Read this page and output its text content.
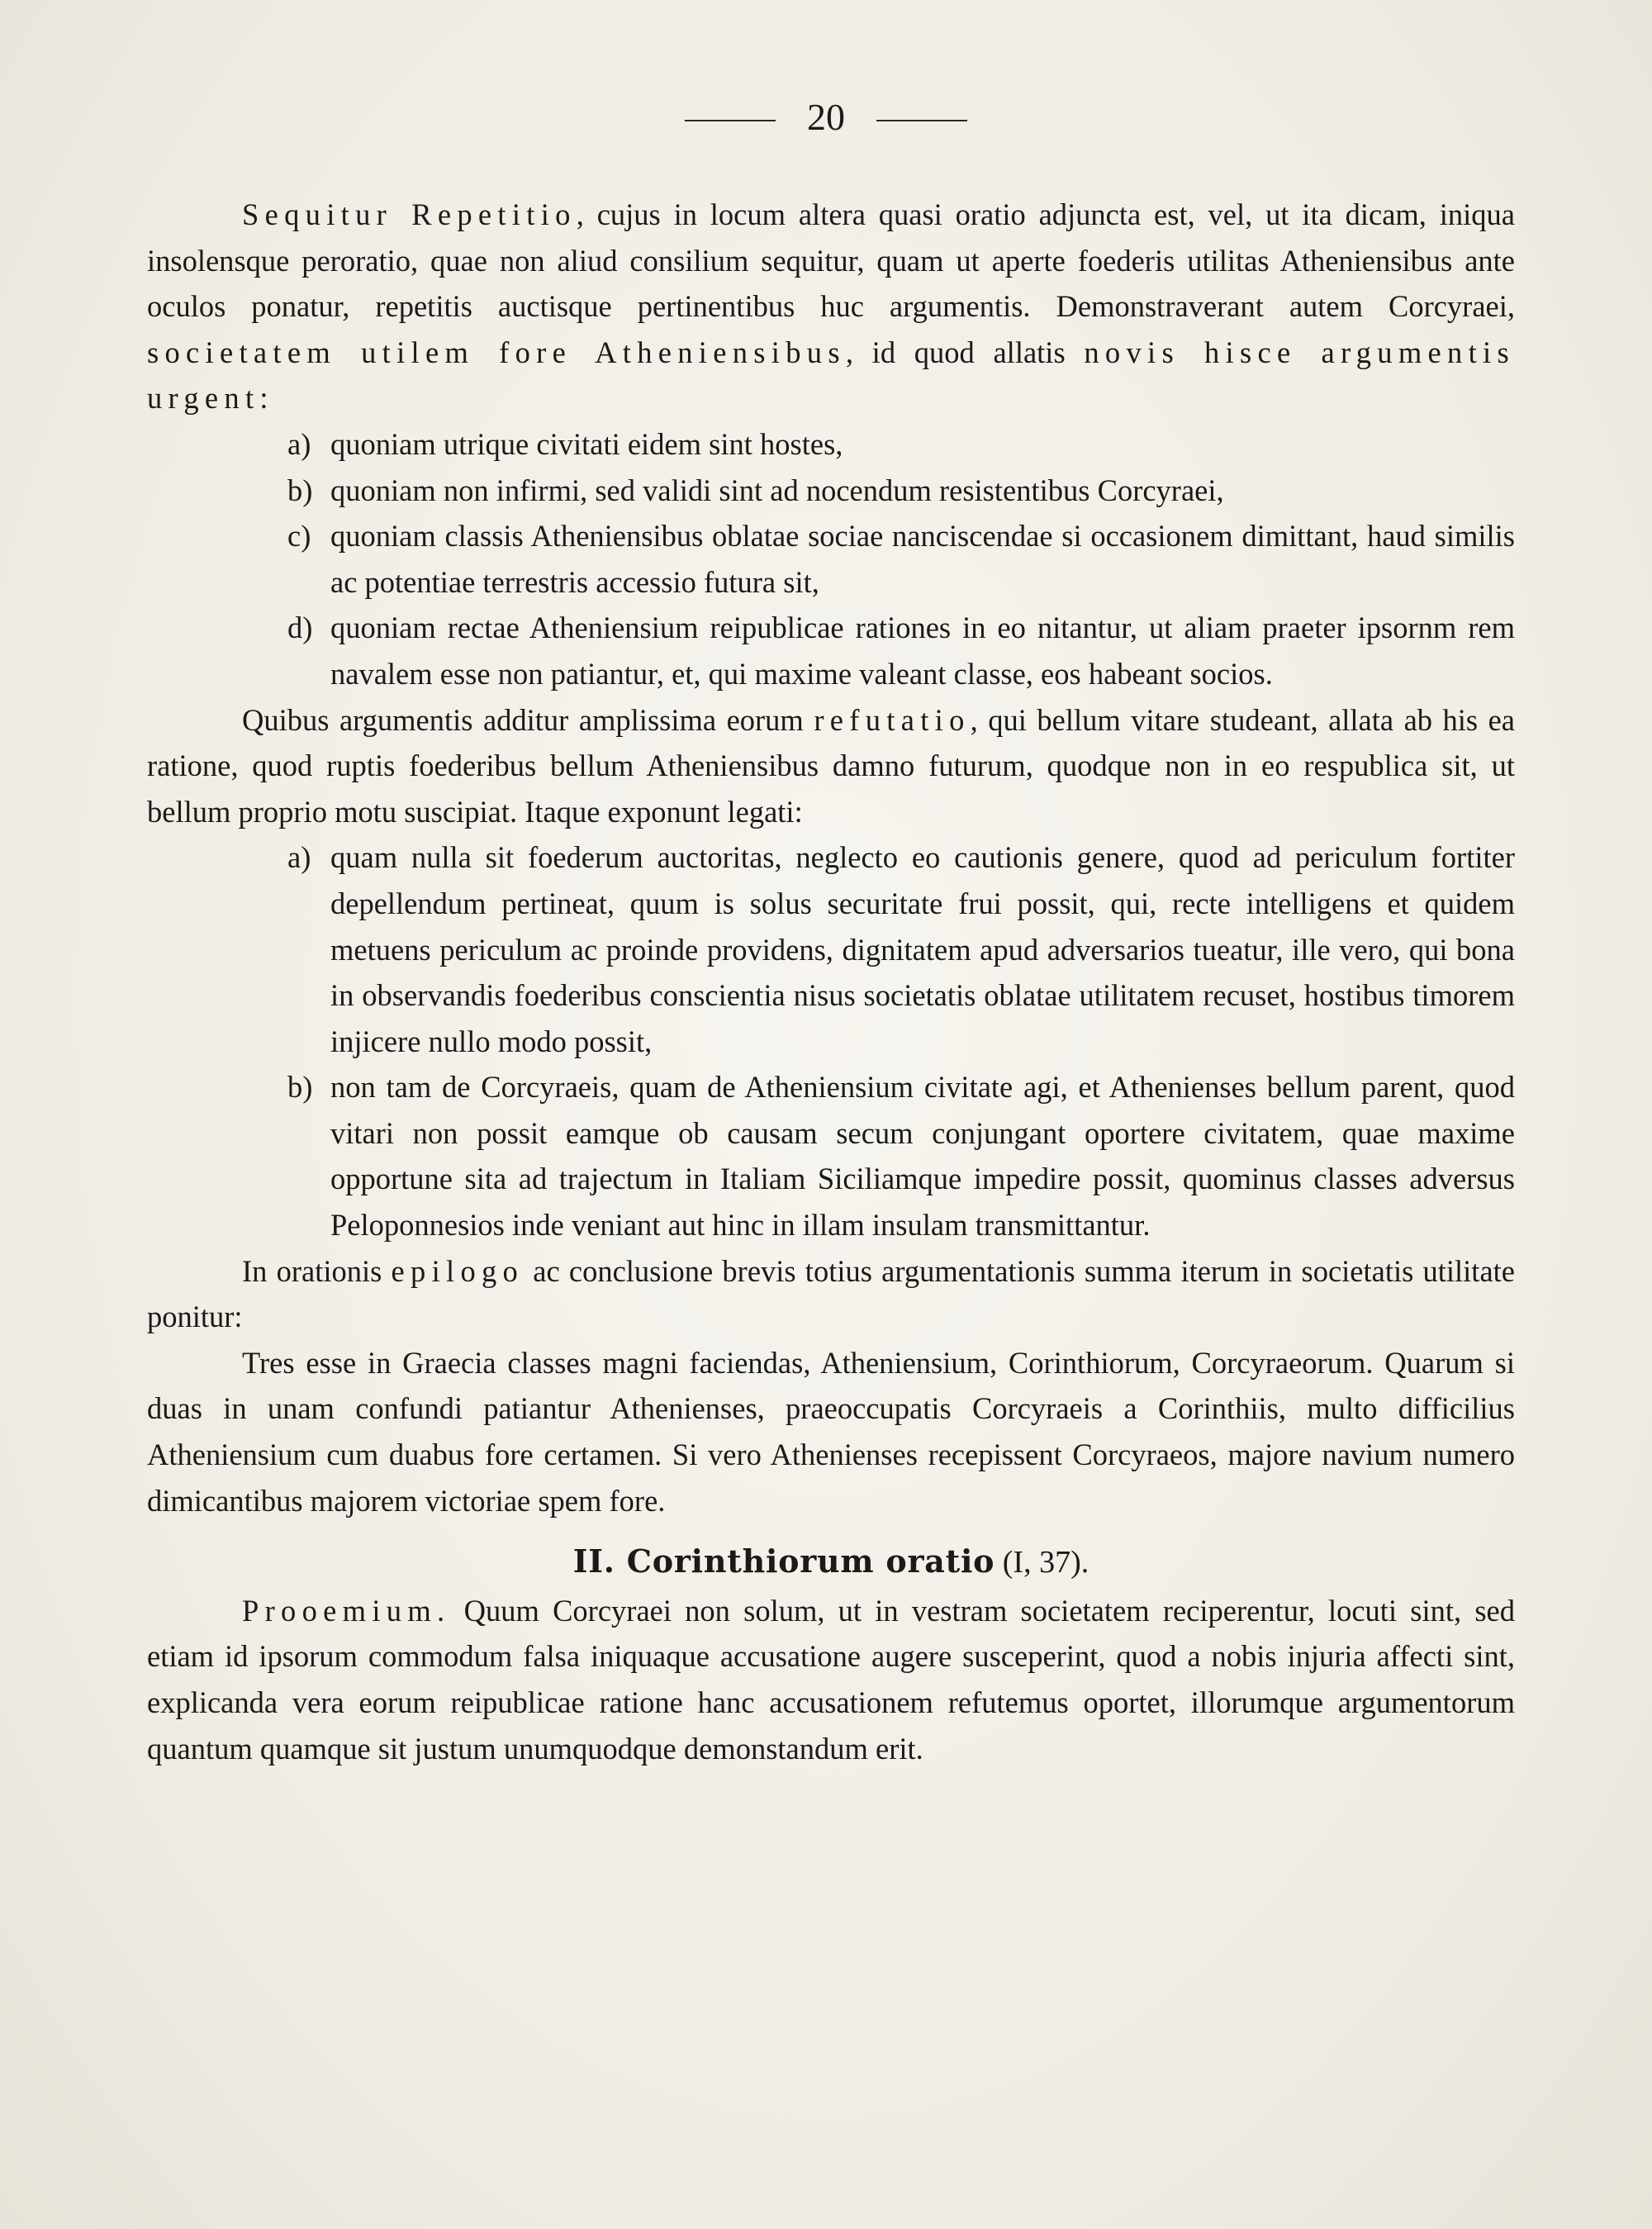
20

Sequitur Repetitio, cujus in locum altera quasi oratio adjuncta est, vel, ut ita dicam, iniqua insolensque peroratio, quae non aliud consilium sequitur, quam ut aperte foederis utilitas Atheniensibus ante oculos ponatur, repetitis auctisque pertinentibus huc argumentis. Demonstraverant autem Corcyraei, societatem utilem fore Atheniensibus, id quod allatis novis hisce argumentis urgent:

a) quoniam utrique civitati eidem sint hostes,
b) quoniam non infirmi, sed validi sint ad nocendum resistentibus Corcyraei,
c) quoniam classis Atheniensibus oblatae sociae nanciscendae si occasionem dimittant, haud similis ac potentiae terrestris accessio futura sit,
d) quoniam rectae Atheniensium reipublicae rationes in eo nitantur, ut aliam praeter ipsornm rem navalem esse non patiantur, et, qui maxime valeant classe, eos habeant socios.

Quibus argumentis additur amplissima eorum refutatio, qui bellum vitare studeant, allata ab his ea ratione, quod ruptis foederibus bellum Atheniensibus damno futurum, quodque non in eo respublica sit, ut bellum proprio motu suscipiat. Itaque exponunt legati:

a) quam nulla sit foederum auctoritas, neglecto eo cautionis genere, quod ad periculum fortiter depellendum pertineat, quum is solus securitate frui possit, qui, recte intelligens et quidem metuens periculum ac proinde providens, dignitatem apud adversarios tueatur, ille vero, qui bona in observandis foederibus conscientia nisus societatis oblatae utilitatem recuset, hostibus timorem injicere nullo modo possit,
b) non tam de Corcyraeis, quam de Atheniensium civitate agi, et Athenienses bellum parent, quod vitari non possit eamque ob causam secum conjungant oportere civitatem, quae maxime opportune sita ad trajectum in Italiam Siciliamque impedire possit, quominus classes adversus Peloponnesios inde veniant aut hinc in illam insulam transmittantur.

In orationis epilogo ac conclusione brevis totius argumentationis summa iterum in societatis utilitate ponitur:

Tres esse in Graecia classes magni faciendas, Atheniensium, Corinthiorum, Corcyraeorum. Quarum si duas in unam confundi patiantur Athenienses, praeoccupatis Corcyraeis a Corinthiis, multo difficilius Atheniensium cum duabus fore certamen. Si vero Athenienses recepissent Corcyraeos, majore navium numero dimicantibus majorem victoriae spem fore.

II. Corinthiorum oratio (I, 37).

Prooemium. Quum Corcyraei non solum, ut in vestram societatem reciperentur, locuti sint, sed etiam id ipsorum commodum falsa iniquaque accusatione augere susceperint, quod a nobis injuria affecti sint, explicanda vera eorum reipublicae ratione hanc accusationem refutemus oportet, illorumque argumentorum quantum quamque sit justum unumquodque demonstandum erit.
